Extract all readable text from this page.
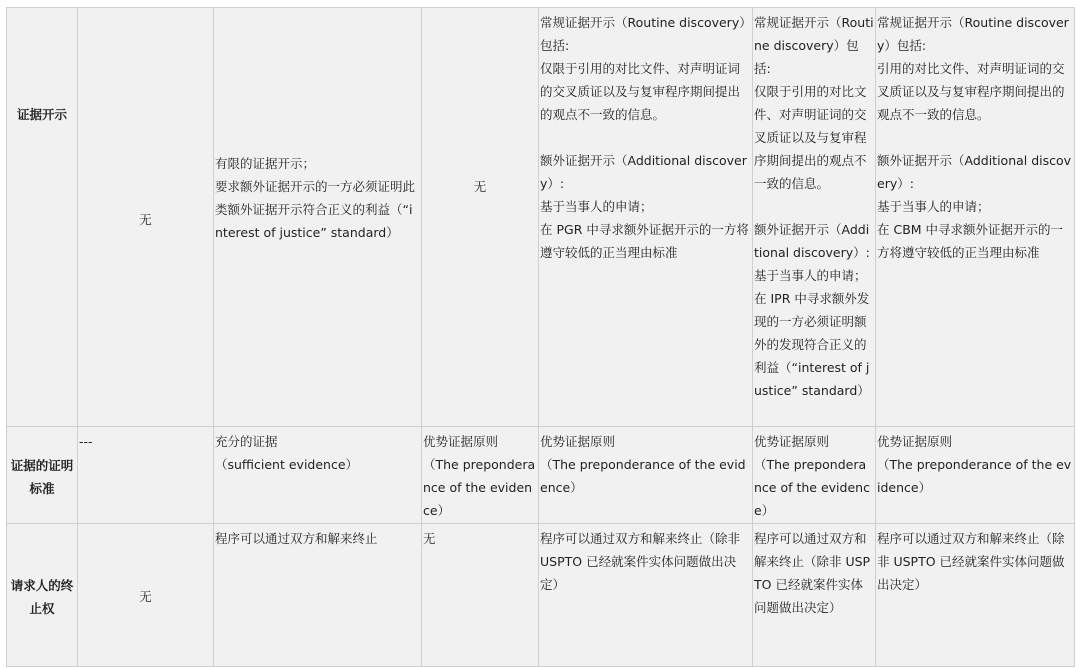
证据开示	无	有限的证据开示；
要求额外证据开示的一方必须证明此类额外证据开示符合正义的利益（“interest of justice” standard）	无	常规证据开示（Routine discovery）包括:
仅限于引用的对比文件、对声明证词的交叉质证以及与复审程序期间提出的观点不一致的信息。
额外证据开示（Additional discovery）:
基于当事人的申请；
在 PGR 中寻求额外证据开示的一方将遵守较低的正当理由标准	常规证据开示（Routine discovery）包括:
仅限于引用的对比文件、对声明证词的交叉质证以及与复审程序期间提出的观点不一致的信息。
额外证据开示（Additional discovery）:
基于当事人的申请；
在 IPR 中寻求额外发现的一方必须证明额外的发现符合正义的利益（“interest of justice” standard）	常规证据开示（Routine discovery）包括:
引用的对比文件、对声明证词的交叉质证以及与复审程序期间提出的观点不一致的信息。
额外证据开示（Additional discovery）:
基于当事人的申请；
在 CBM 中寻求额外证据开示的一方将遵守较低的正当理由标准

证据的证明标准	---	充分的证据
（sufficient evidence）	优势证据原则
（The preponderance of the evidence）	优势证据原则
（The preponderance of the evidence）	优势证据原则
（The preponderance of the evidence）	优势证据原则
（The preponderance of the evidence）

请求人的终止权	无	程序可以通过双方和解来终止	无	程序可以通过双方和解来终止（除非 USPTO 已经就案件实体问题做出决定）	程序可以通过双方和解来终止（除非 USPTO 已经就案件实体问题做出决定）	程序可以通过双方和解来终止（除非 USPTO 已经就案件实体问题做出决定）
